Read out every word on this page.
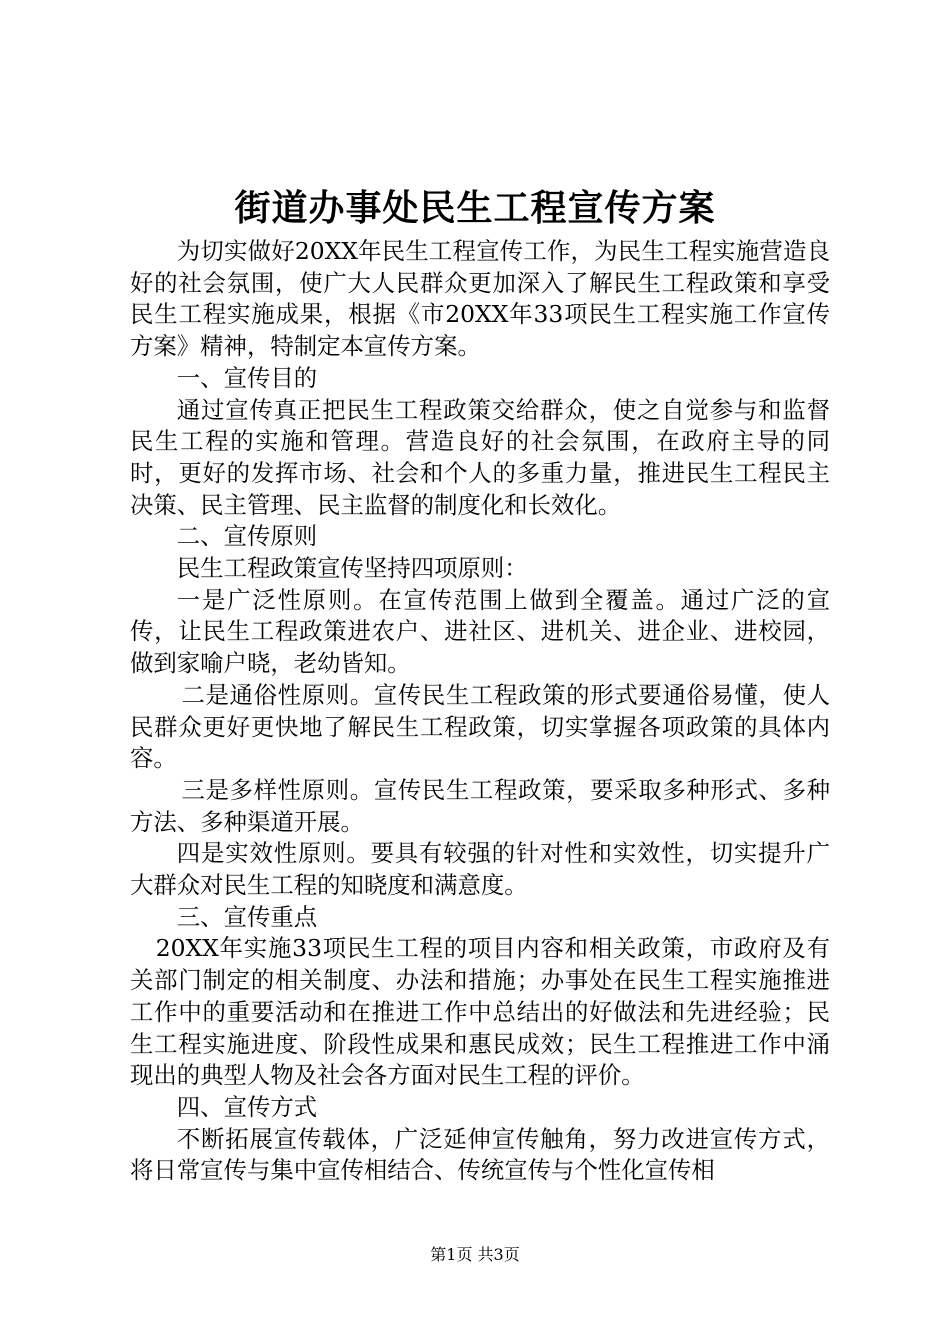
街道办事处民生工程宣传方案

为切实做好20XX年民生工程宣传工作，为民生工程实施营造良好的社会氛围，使广大人民群众更加深入了解民生工程政策和享受民生工程实施成果，根据《市20XX年33项民生工程实施工作宣传方案》精神，特制定本宣传方案。

一、宣传目的

通过宣传真正把民生工程政策交给群众，使之自觉参与和监督民生工程的实施和管理。营造良好的社会氛围，在政府主导的同时，更好的发挥市场、社会和个人的多重力量，推进民生工程民主决策、民主管理、民主监督的制度化和长效化。

二、宣传原则

民生工程政策宣传坚持四项原则：

一是广泛性原则。在宣传范围上做到全覆盖。通过广泛的宣传，让民生工程政策进农户、进社区、进机关、进企业、进校园，做到家喻户晓，老幼皆知。

二是通俗性原则。宣传民生工程政策的形式要通俗易懂，使人民群众更好更快地了解民生工程政策，切实掌握各项政策的具体内容。

三是多样性原则。宣传民生工程政策，要采取多种形式、多种方法、多种渠道开展。

四是实效性原则。要具有较强的针对性和实效性，切实提升广大群众对民生工程的知晓度和满意度。

三、宣传重点

20XX年实施33项民生工程的项目内容和相关政策，市政府及有关部门制定的相关制度、办法和措施；办事处在民生工程实施推进工作中的重要活动和在推进工作中总结出的好做法和先进经验；民生工程实施进度、阶段性成果和惠民成效；民生工程推进工作中涌现出的典型人物及社会各方面对民生工程的评价。

四、宣传方式

不断拓展宣传载体，广泛延伸宣传触角，努力改进宣传方式，将日常宣传与集中宣传相结合、传统宣传与个性化宣传相

第1页 共3页
